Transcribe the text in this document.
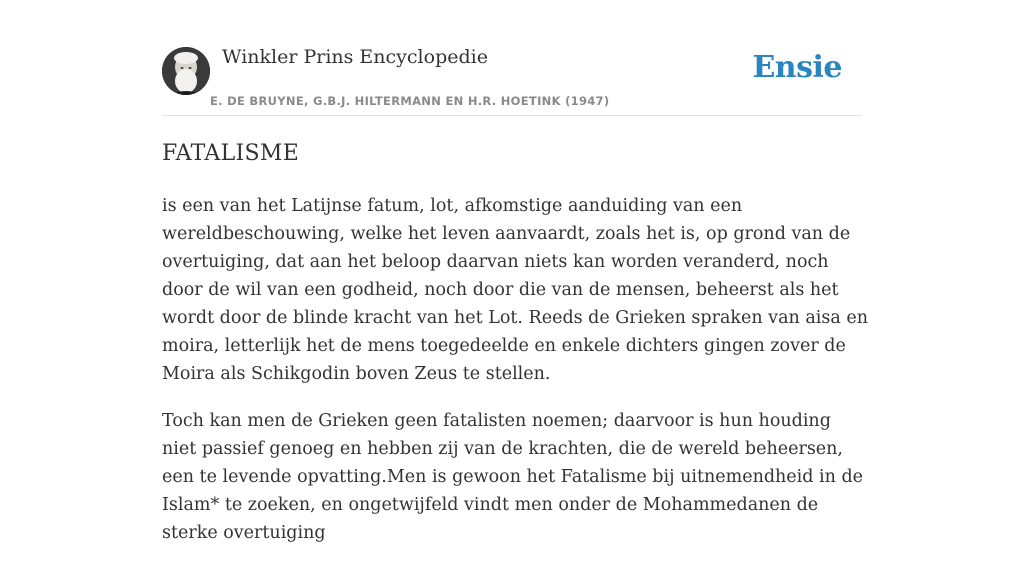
Winkler Prins Encyclopedie
E. DE BRUYNE, G.B.J. HILTERMANN EN H.R. HOETINK (1947)
Ensie
FATALISME

is een van het Latijnse fatum, lot, afkomstige aanduiding van een wereldbeschouwing, welke het leven aanvaardt, zoals het is, op grond van de overtuiging, dat aan het beloop daarvan niets kan worden veranderd, noch door de wil van een godheid, noch door die van de mensen, beheerst als het wordt door de blinde kracht van het Lot. Reeds de Grieken spraken van aisa en moira, letterlijk het de mens toegedeelde en enkele dichters gingen zover de Moira als Schikgodin boven Zeus te stellen.

Toch kan men de Grieken geen fatalisten noemen; daarvoor is hun houding niet passief genoeg en hebben zij van de krachten, die de wereld beheersen, een te levende opvatting.Men is gewoon het Fatalisme bij uitnemendheid in de Islam* te zoeken, en ongetwijfeld vindt men onder de Mohammedanen de sterke overtuiging
